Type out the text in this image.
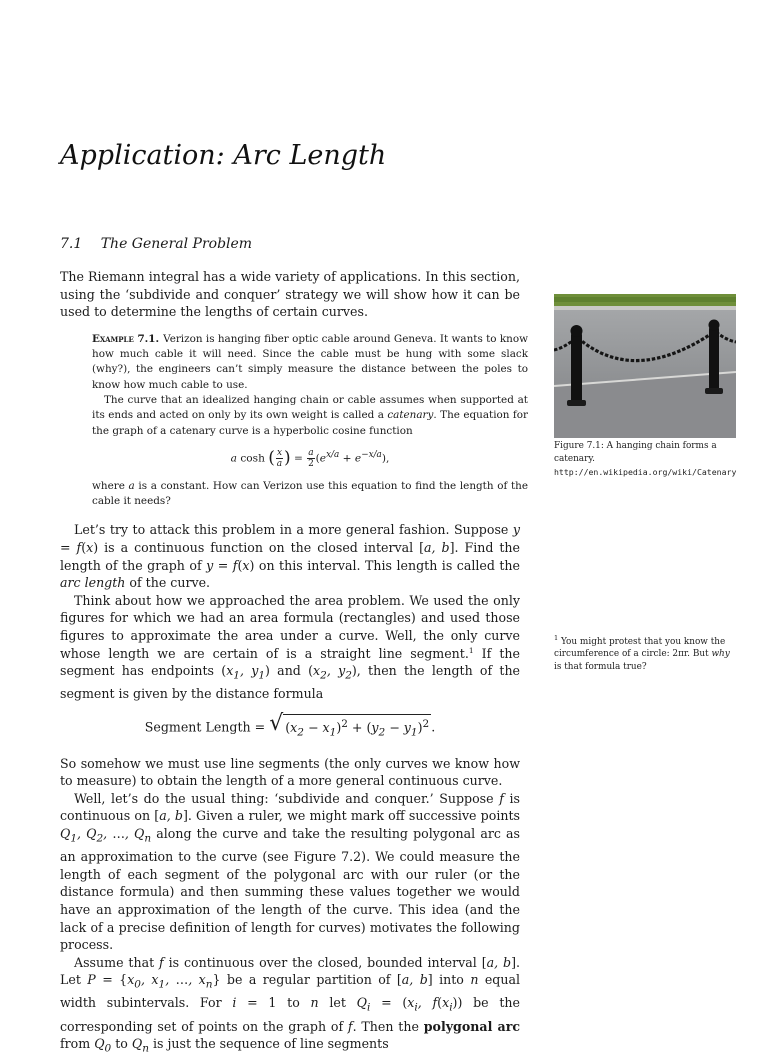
Application: Arc Length
7.1 The General Problem

The Riemann integral has a wide variety of applications. In this section, using the ‘subdivide and conquer’ strategy we will show how it can be used to determine the lengths of certain curves.

Example 7.1. Verizon is hanging fiber optic cable around Geneva. It wants to know how much cable it will need. Since the cable must be hung with some slack (why?), the engineers can’t simply measure the distance between the poles to know how much cable to use.

The curve that an idealized hanging chain or cable assumes when supported at its ends and acted on only by its own weight is called a catenary. The equation for the graph of a catenary curve is a hyperbolic cosine function

a cosh ( $\frac{x}{a}$ ) = $\frac{a}{2} (e^{x/a} + e^{-x/a})$,

where a is a constant. How can Verizon use this equation to find the length of the cable it needs?

Let’s try to attack this problem in a more general fashion. Suppose y = f(x) is a continuous function on the closed interval [a, b]. Find the length of the graph of y = f(x) on this interval. This length is called the arc length of the curve.

Think about how we approached the area problem. We used the only figures for which we had an area formula (rectangles) and used those figures to approximate the area under a curve. Well, the only curve whose length we are certain of is a straight line segment.$^1$ If the segment has endpoints ($x_1$, $y_1$) and ($x_2$, $y_2$), then the length of the segment is given by the distance formula

Segment Length = √ $(x_2 - x_1)^2 + (y_2 - y_1)^2$ .

So somehow we must use line segments (the only curves we know how to measure) to obtain the length of a more general continuous curve.

Well, let’s do the usual thing: ‘subdivide and conquer.’ Suppose f is continuous on [a, b]. Given a ruler, we might mark off successive points $Q_1$, $Q_2$, …, $Q_n$ along the curve and take the resulting polygonal arc as an approximation to the curve (see Figure 7.2). We could measure the length of each segment of the polygonal arc with our ruler (or the distance formula) and then summing these values together we would have an approximation of the length of the curve. This idea (and the lack of a precise definition of length for curves) motivates the following process.

Assume that f is continuous over the closed, bounded interval [a, b]. Let $P = \{x_0$, $x_1$, …, $x_n$} be a regular partition of [a, b] into n equal width subintervals. For i = 1 to n let $Q_i = (x_i$, $f(x_i)$) be the corresponding set of points on the graph of f. Then the polygonal arc from $Q_0$ to $Q_n$ is just the sequence of line segments

Figure 7.1: A hanging chain forms a catenary. http://en.wikipedia.org/wiki/Catenary
$^1$ You might protest that you know the circumference of a circle: 2πr. But why is that formula true?
